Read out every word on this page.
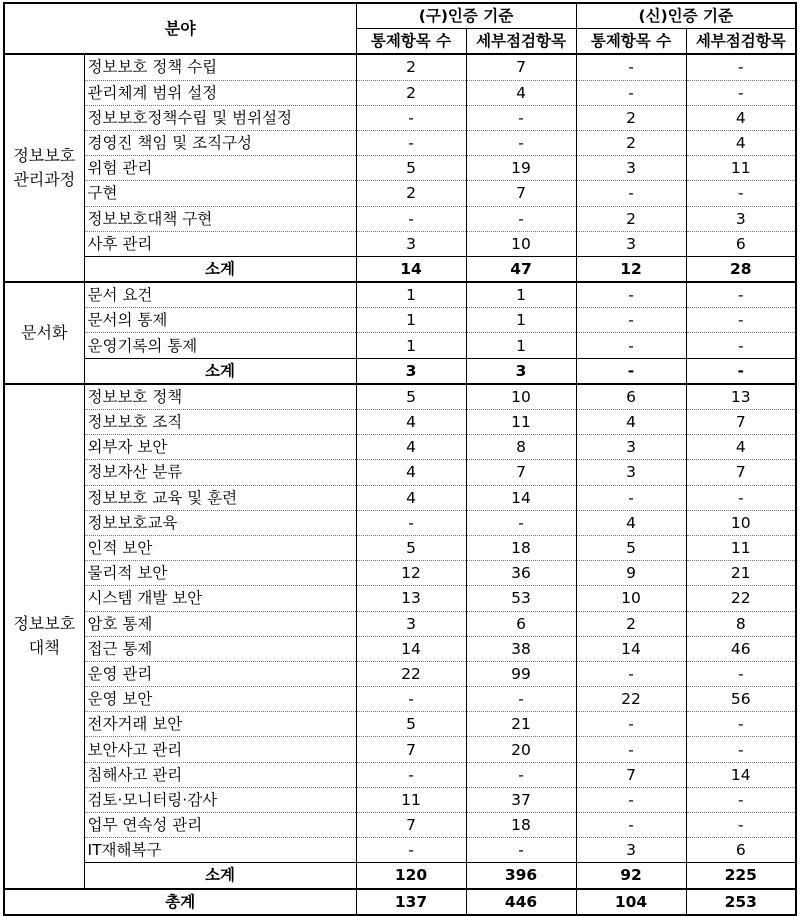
분야		(구)인증 기준		(신)인증 기준	
		통제항목 수	세부점검항목	통제항목 수	세부점검항목
정보보호 관리과정	정보보호 정책 수립	2	7	-	-
	관리체계 범위 설정	2	4	-	-
	정보보호정책수립 및 범위설정	-	-	2	4
	경영진 책임 및 조직구성	-	-	2	4
	위험 관리	5	19	3	11
	구현	2	7	-	-
	정보보호대책 구현	-	-	2	3
	사후 관리	3	10	3	6
	소계	14	47	12	28
문서화	문서 요건	1	1	-	-
	문서의 통제	1	1	-	-
	운영기록의 통제	1	1	-	-
	소계	3	3	-	-
정보보호 대책	정보보호 정책	5	10	6	13
	정보보호 조직	4	11	4	7
	외부자 보안	4	8	3	4
	정보자산 분류	4	7	3	7
	정보보호 교육 및 훈련	4	14	-	-
	정보보호교육	-	-	4	10
	인적 보안	5	18	5	11
	물리적 보안	12	36	9	21
	시스템 개발 보안	13	53	10	22
	암호 통제	3	6	2	8
	접근 통제	14	38	14	46
	운영 관리	22	99	-	-
	운영 보안	-	-	22	56
	전자거래 보안	5	21	-	-
	보안사고 관리	7	20	-	-
	침해사고 관리	-	-	7	14
	검토·모니터링·감사	11	37	-	-
	업무 연속성 관리	7	18	-	-
	IT재해복구	-	-	3	6
	소계	120	396	92	225
총계		137	446	104	253
